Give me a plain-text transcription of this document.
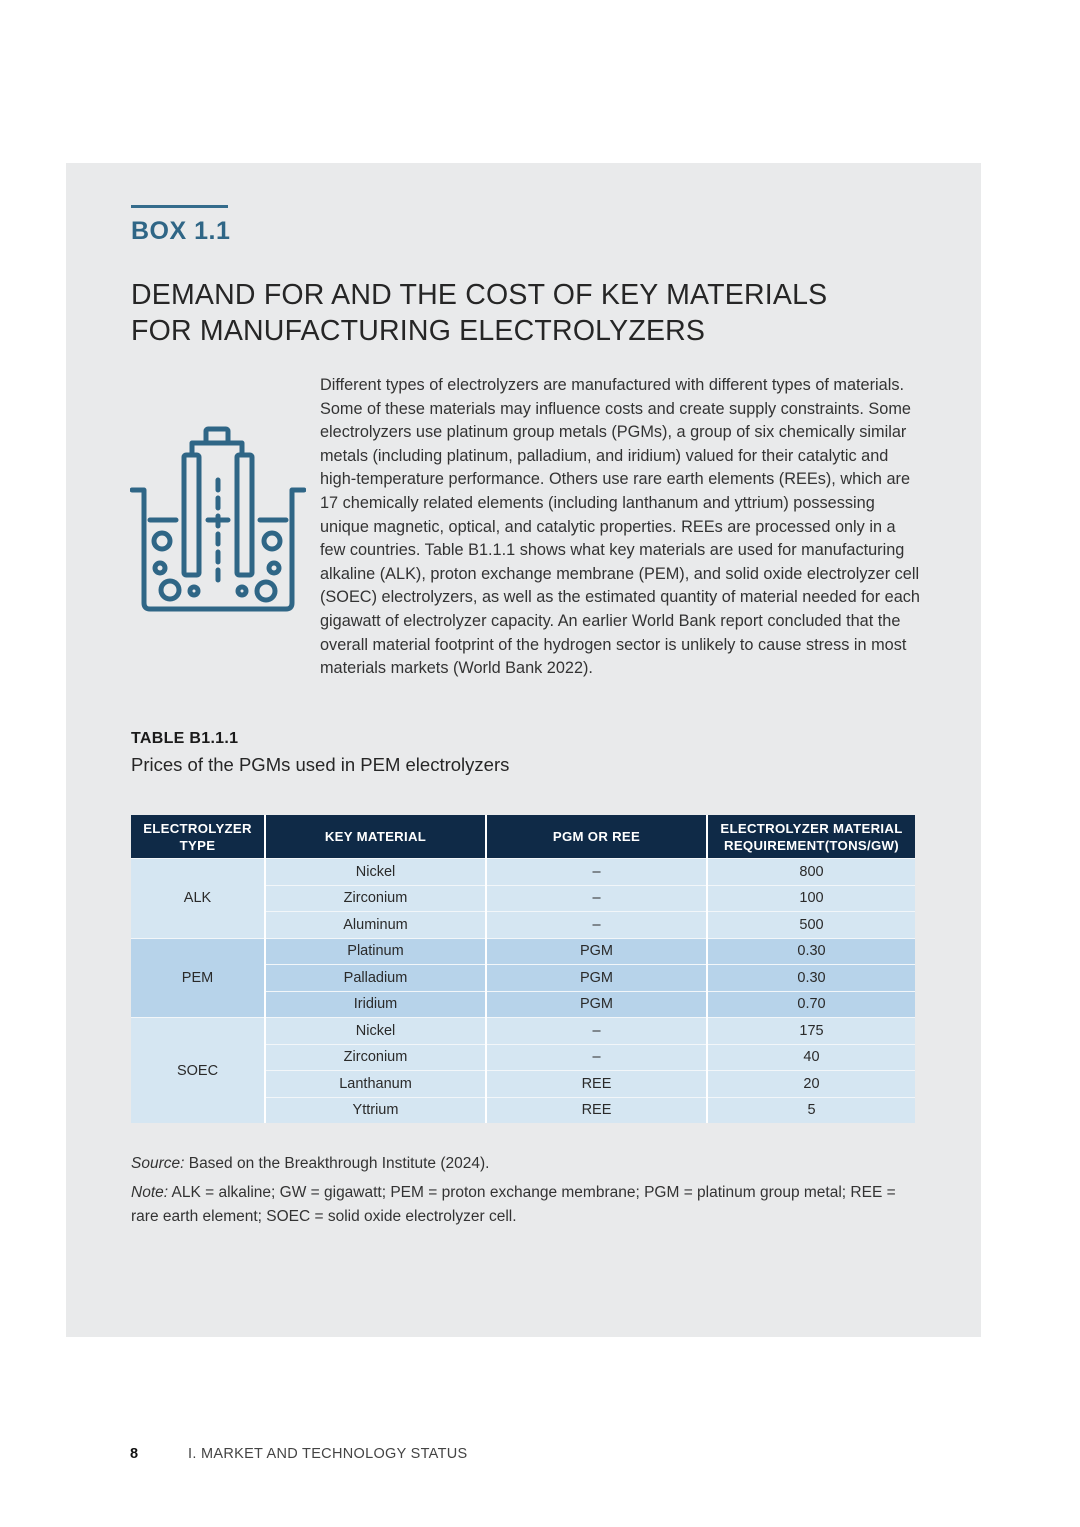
BOX 1.1
DEMAND FOR AND THE COST OF KEY MATERIALS FOR MANUFACTURING ELECTROLYZERS

Different types of electrolyzers are manufactured with different types of materials. Some of these materials may influence costs and create supply constraints. Some electrolyzers use platinum group metals (PGMs), a group of six chemically similar metals (including platinum, palladium, and iridium) valued for their catalytic and high-temperature performance. Others use rare earth elements (REEs), which are 17 chemically related elements (including lanthanum and yttrium) possessing unique magnetic, optical, and catalytic properties. REEs are processed only in a few countries. Table B1.1.1 shows what key materials are used for manufacturing alkaline (ALK), proton exchange membrane (PEM), and solid oxide electrolyzer cell (SOEC) electrolyzers, as well as the estimated quantity of material needed for each gigawatt of electrolyzer capacity. An earlier World Bank report concluded that the overall material footprint of the hydrogen sector is unlikely to cause stress in most materials markets (World Bank 2022).

TABLE B1.1.1
Prices of the PGMs used in PEM electrolyzers
ELECTROLYZER TYPE	KEY MATERIAL	PGM OR REE	ELECTROLYZER MATERIAL REQUIREMENT(TONS/GW)
ALK	Nickel	–	800
	Zirconium	–	100
	Aluminum	–	500
PEM	Platinum	PGM	0.30
	Palladium	PGM	0.30
	Iridium	PGM	0.70
SOEC	Nickel	–	175
	Zirconium	–	40
	Lanthanum	REE	20
	Yttrium	REE	5

Source: Based on the Breakthrough Institute (2024).

Note: ALK = alkaline; GW = gigawatt; PEM = proton exchange membrane; PGM = platinum group metal; REE = rare earth element; SOEC = solid oxide electrolyzer cell.

8	I. MARKET AND TECHNOLOGY STATUS
